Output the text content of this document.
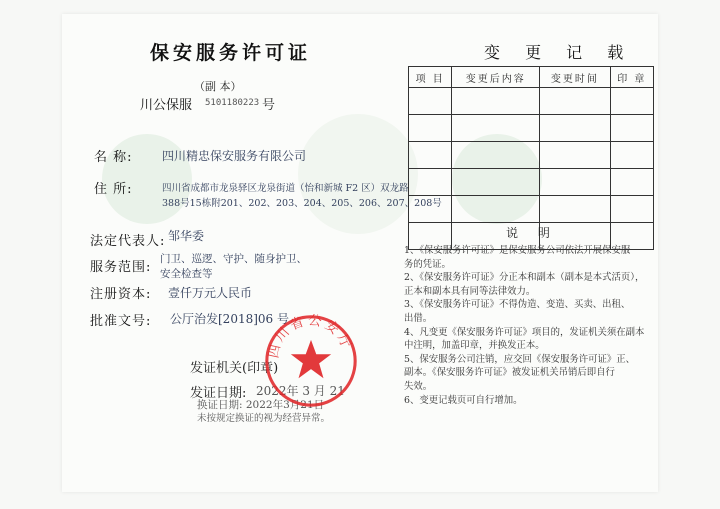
保安服务许可证
（副 本）
川公保服 5101180223 号
名 称: 四川精忠保安服务有限公司
住 所:	四川省成都市龙泉驿区龙泉街道（怡和新城 F2 区）双龙路
388号15栋附201、202、203、204、205、206、207、208号
法定代表人: 邹华委
服务范围:
门卫、巡逻、守护、随身护卫、
安全检查等
注册资本: 壹仟万元人民币
批准文号: 公厅治发[2018]06 号
发证机关(印章)
发证日期: 2022年 3 月 21
换证日期: 2022年3月21日
未按规定换证的视为经营异常。
四川省公安厅
变 更 记 载
项 目	变更后内容	变更时间	印 章

说 明
1、《保安服务许可证》是保安服务公司依法开展保安服
务的凭证。
2、《保安服务许可证》分正本和副本（副本是本式活页），
正本和副本具有同等法律效力。
3、《保安服务许可证》不得伪造、变造、买卖、出租、
出借。
4、凡变更《保安服务许可证》项目的，发证机关须在副本
中注明，加盖印章，并换发正本。
5、保安服务公司注销，应交回《保安服务许可证》正、
副本。《保安服务许可证》被发证机关吊销后即自行
失效。
6、变更记载页可自行增加。
